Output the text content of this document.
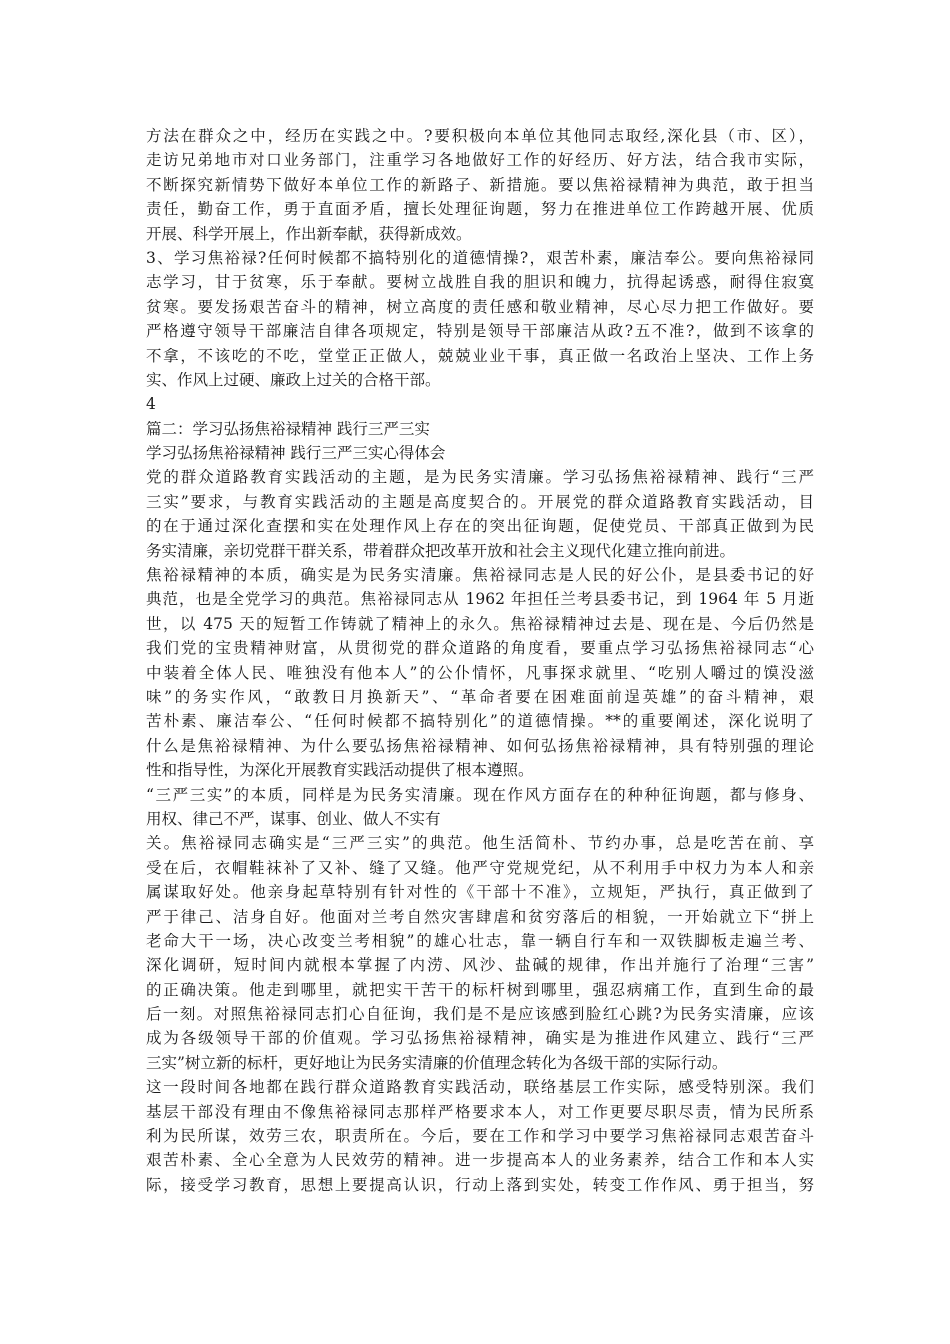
方法在群众之中，经历在实践之中。?要积极向本单位其他同志取经,深化县（市、区），
走访兄弟地市对口业务部门，注重学习各地做好工作的好经历、好方法，结合我市实际，
不断探究新情势下做好本单位工作的新路子、新措施。要以焦裕禄精神为典范，敢于担当
责任，勤奋工作，勇于直面矛盾，擅长处理征询题，努力在推进单位工作跨越开展、优质
开展、科学开展上，作出新奉献，获得新成效。
3、学习焦裕禄?任何时候都不搞特别化的道德情操?，艰苦朴素，廉洁奉公。要向焦裕禄同
志学习，甘于贫寒，乐于奉献。要树立战胜自我的胆识和魄力，抗得起诱惑，耐得住寂寞
贫寒。要发扬艰苦奋斗的精神，树立高度的责任感和敬业精神，尽心尽力把工作做好。要
严格遵守领导干部廉洁自律各项规定，特别是领导干部廉洁从政?五不准?，做到不该拿的
不拿，不该吃的不吃，堂堂正正做人，兢兢业业干事，真正做一名政治上坚决、工作上务
实、作风上过硬、廉政上过关的合格干部。
4
篇二：学习弘扬焦裕禄精神 践行三严三实
学习弘扬焦裕禄精神 践行三严三实心得体会
党的群众道路教育实践活动的主题，是为民务实清廉。学习弘扬焦裕禄精神、践行“三严
三实”要求，与教育实践活动的主题是高度契合的。开展党的群众道路教育实践活动，目
的在于通过深化查摆和实在处理作风上存在的突出征询题，促使党员、干部真正做到为民
务实清廉，亲切党群干群关系，带着群众把改革开放和社会主义现代化建立推向前进。
焦裕禄精神的本质，确实是为民务实清廉。焦裕禄同志是人民的好公仆，是县委书记的好
典范，也是全党学习的典范。焦裕禄同志从 1962 年担任兰考县委书记，到 1964 年 5 月逝
世，以 475 天的短暂工作铸就了精神上的永久。焦裕禄精神过去是、现在是、今后仍然是
我们党的宝贵精神财富，从贯彻党的群众道路的角度看，要重点学习弘扬焦裕禄同志“心
中装着全体人民、唯独没有他本人”的公仆情怀，凡事探求就里、“吃别人嚼过的馍没滋
味”的务实作风，“敢教日月换新天”、“革命者要在困难面前逞英雄”的奋斗精神，艰
苦朴素、廉洁奉公、“任何时候都不搞特别化”的道德情操。**的重要阐述，深化说明了
什么是焦裕禄精神、为什么要弘扬焦裕禄精神、如何弘扬焦裕禄精神，具有特别强的理论
性和指导性，为深化开展教育实践活动提供了根本遵照。
“三严三实”的本质，同样是为民务实清廉。现在作风方面存在的种种征询题，都与修身、
用权、律己不严，谋事、创业、做人不实有
关。焦裕禄同志确实是“三严三实”的典范。他生活简朴、节约办事，总是吃苦在前、享
受在后，衣帽鞋袜补了又补、缝了又缝。他严守党规党纪，从不利用手中权力为本人和亲
属谋取好处。他亲身起草特别有针对性的《干部十不准》，立规矩，严执行，真正做到了
严于律己、洁身自好。他面对兰考自然灾害肆虐和贫穷落后的相貌，一开始就立下“拼上
老命大干一场，决心改变兰考相貌”的雄心壮志，靠一辆自行车和一双铁脚板走遍兰考、
深化调研，短时间内就根本掌握了内涝、风沙、盐碱的规律，作出并施行了治理“三害”
的正确决策。他走到哪里，就把实干苦干的标杆树到哪里，强忍病痛工作，直到生命的最
后一刻。对照焦裕禄同志扪心自征询，我们是不是应该感到脸红心跳?为民务实清廉，应该
成为各级领导干部的价值观。学习弘扬焦裕禄精神，确实是为推进作风建立、践行“三严
三实”树立新的标杆，更好地让为民务实清廉的价值理念转化为各级干部的实际行动。
这一段时间各地都在践行群众道路教育实践活动，联络基层工作实际，感受特别深。我们
基层干部没有理由不像焦裕禄同志那样严格要求本人，对工作更要尽职尽责，情为民所系
利为民所谋，效劳三农，职责所在。今后，要在工作和学习中要学习焦裕禄同志艰苦奋斗
艰苦朴素、全心全意为人民效劳的精神。进一步提高本人的业务素养，结合工作和本人实
际，接受学习教育，思想上要提高认识，行动上落到实处，转变工作作风、勇于担当，努
